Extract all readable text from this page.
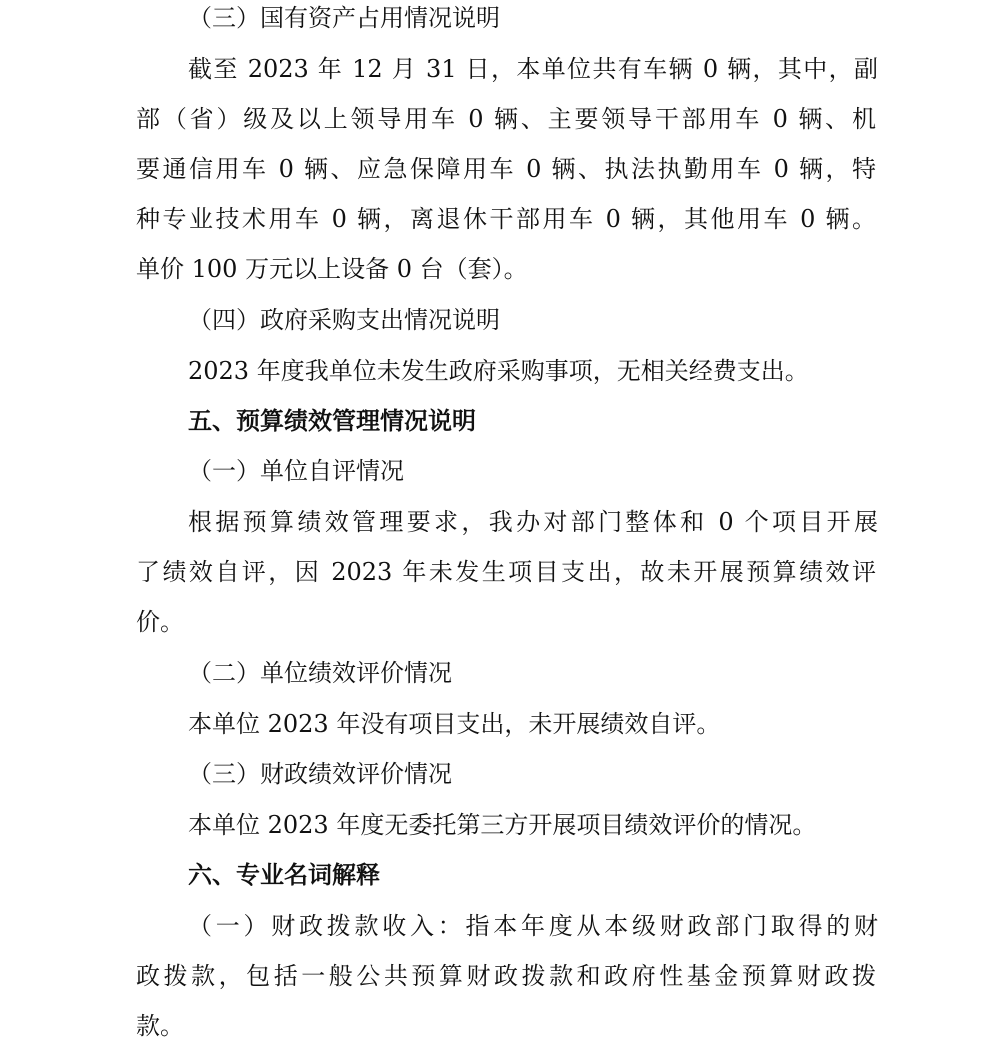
（三）国有资产占用情况说明
截至 2023 年 12 月 31 日，本单位共有车辆 0 辆，其中，副
部（省）级及以上领导用车 0 辆、主要领导干部用车 0 辆、机
要通信用车 0 辆、应急保障用车 0 辆、执法执勤用车 0 辆，特
种专业技术用车 0 辆，离退休干部用车 0 辆，其他用车 0 辆。
单价 100 万元以上设备 0 台（套）。
（四）政府采购支出情况说明
2023 年度我单位未发生政府采购事项，无相关经费支出。
五、预算绩效管理情况说明
（一）单位自评情况
根据预算绩效管理要求，我办对部门整体和 0 个项目开展
了绩效自评，因 2023 年未发生项目支出，故未开展预算绩效评
价。
（二）单位绩效评价情况
本单位 2023 年没有项目支出，未开展绩效自评。
（三）财政绩效评价情况
本单位 2023 年度无委托第三方开展项目绩效评价的情况。
六、专业名词解释
（一）财政拨款收入：指本年度从本级财政部门取得的财
政拨款，包括一般公共预算财政拨款和政府性基金预算财政拨
款。
